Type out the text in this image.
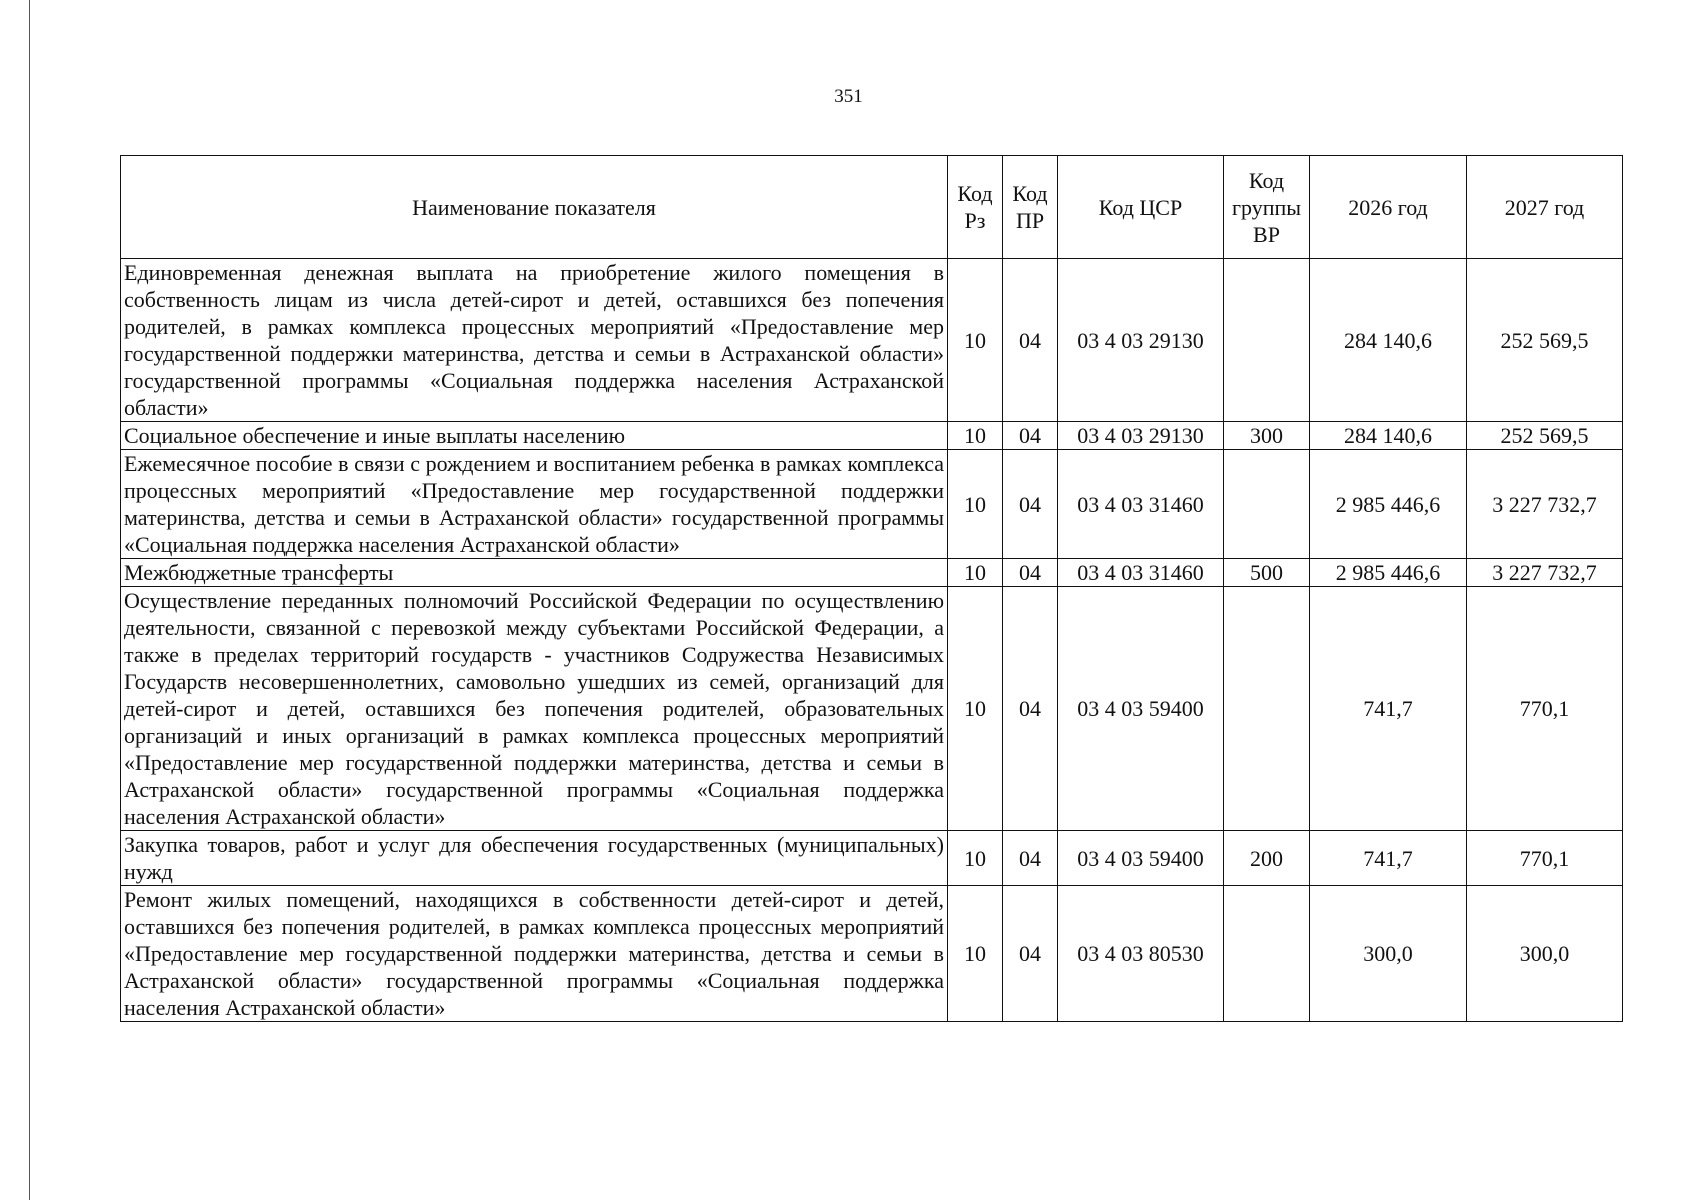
351
Наименование показателя	Код Рз	Код ПР	Код ЦСР	Код группы ВР	2026 год	2027 год
Единовременная денежная выплата на приобретение жилого помещения в собственность лицам из числа детей-сирот и детей, оставшихся без попечения родителей, в рамках комплекса процессных мероприятий «Предоставление мер государственной поддержки материнства, детства и семьи в Астраханской области» государственной программы «Социальная поддержка населения Астраханской области»	10	04	03 4 03 29130		284 140,6	252 569,5
Социальное обеспечение и иные выплаты населению	10	04	03 4 03 29130	300	284 140,6	252 569,5
Ежемесячное пособие в связи с рождением и воспитанием ребенка в рамках комплекса процессных мероприятий «Предоставление мер государственной поддержки материнства, детства и семьи в Астраханской области» государственной программы «Социальная поддержка населения Астраханской области»	10	04	03 4 03 31460		2 985 446,6	3 227 732,7
Межбюджетные трансферты	10	04	03 4 03 31460	500	2 985 446,6	3 227 732,7
Осуществление переданных полномочий Российской Федерации по осуществлению деятельности, связанной с перевозкой между субъектами Российской Федерации, а также в пределах территорий государств - участников Содружества Независимых Государств несовершеннолетних, самовольно ушедших из семей, организаций для детей-сирот и детей, оставшихся без попечения родителей, образовательных организаций и иных организаций в рамках комплекса процессных мероприятий «Предоставление мер государственной поддержки материнства, детства и семьи в Астраханской области» государственной программы «Социальная поддержка населения Астраханской области»	10	04	03 4 03 59400		741,7	770,1
Закупка товаров, работ и услуг для обеспечения государственных (муниципальных) нужд	10	04	03 4 03 59400	200	741,7	770,1
Ремонт жилых помещений, находящихся в собственности детей-сирот и детей, оставшихся без попечения родителей, в рамках комплекса процессных мероприятий «Предоставление мер государственной поддержки материнства, детства и семьи в Астраханской области» государственной программы «Социальная поддержка населения Астраханской области»	10	04	03 4 03 80530		300,0	300,0
